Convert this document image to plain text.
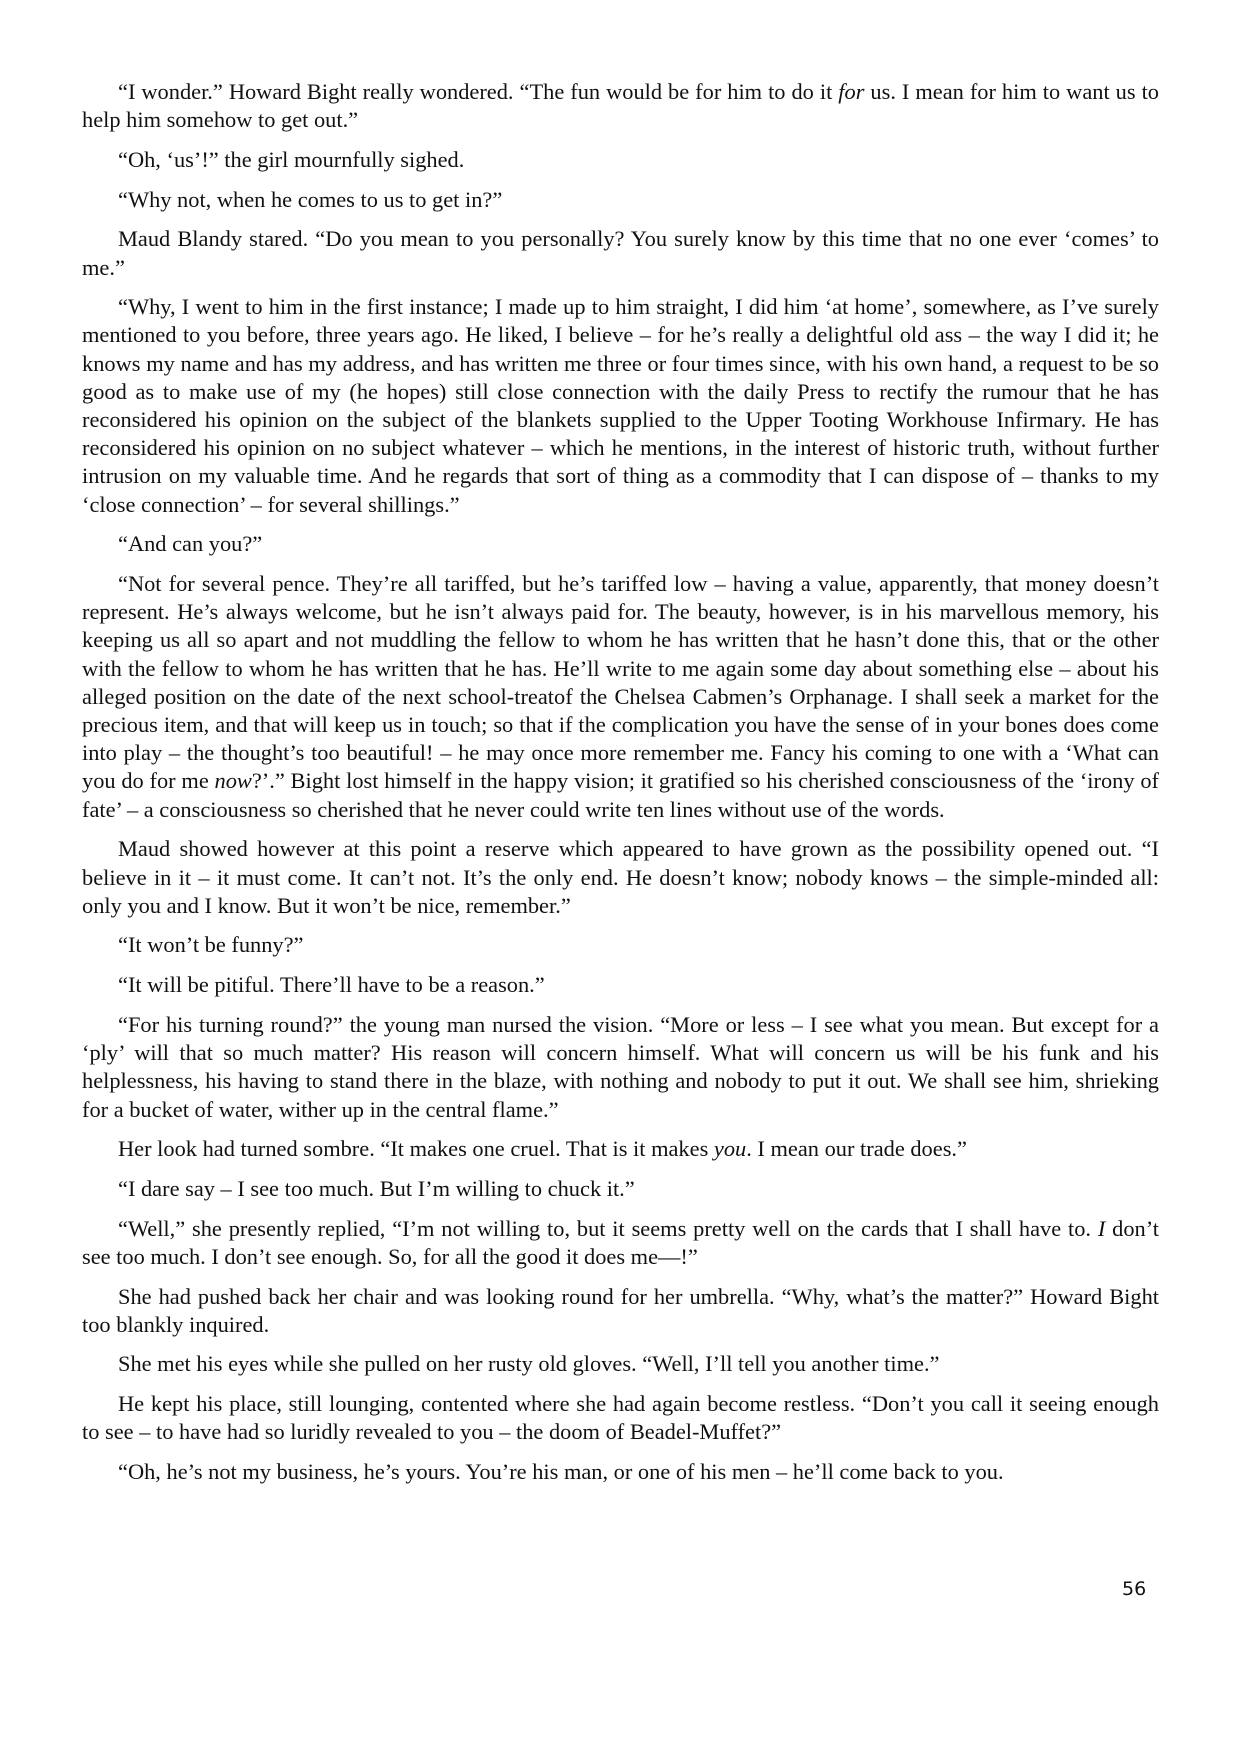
“I wonder.” Howard Bight really wondered. “The fun would be for him to do it for us. I mean for him to want us to help him somehow to get out.”

“Oh, ‘us’!” the girl mournfully sighed.

“Why not, when he comes to us to get in?”

Maud Blandy stared. “Do you mean to you personally? You surely know by this time that no one ever ‘comes’ to me.”

“Why, I went to him in the first instance; I made up to him straight, I did him ‘at home’, somewhere, as I’ve surely mentioned to you before, three years ago. He liked, I believe – for he’s really a delightful old ass – the way I did it; he knows my name and has my address, and has written me three or four times since, with his own hand, a request to be so good as to make use of my (he hopes) still close connection with the daily Press to rectify the rumour that he has reconsidered his opinion on the subject of the blankets supplied to the Upper Tooting Workhouse Infirmary. He has reconsidered his opinion on no subject whatever – which he mentions, in the interest of historic truth, without further intrusion on my valuable time. And he regards that sort of thing as a commodity that I can dispose of – thanks to my ‘close connection’ – for several shillings.”

“And can you?”

“Not for several pence. They’re all tariffed, but he’s tariffed low – having a value, apparently, that money doesn’t represent. He’s always welcome, but he isn’t always paid for. The beauty, however, is in his marvellous memory, his keeping us all so apart and not muddling the fellow to whom he has written that he hasn’t done this, that or the other with the fellow to whom he has written that he has. He’ll write to me again some day about something else – about his alleged position on the date of the next school-treatof the Chelsea Cabmen’s Orphanage. I shall seek a market for the precious item, and that will keep us in touch; so that if the complication you have the sense of in your bones does come into play – the thought’s too beautiful! – he may once more remember me. Fancy his coming to one with a ‘What can you do for me now?’.” Bight lost himself in the happy vision; it gratified so his cherished consciousness of the ‘irony of fate’ – a consciousness so cherished that he never could write ten lines without use of the words.

Maud showed however at this point a reserve which appeared to have grown as the possibility opened out. “I believe in it – it must come. It can’t not. It’s the only end. He doesn’t know; nobody knows – the simple-minded all: only you and I know. But it won’t be nice, remember.”

“It won’t be funny?”

“It will be pitiful. There’ll have to be a reason.”

“For his turning round?” the young man nursed the vision. “More or less – I see what you mean. But except for a ‘ply’ will that so much matter? His reason will concern himself. What will concern us will be his funk and his helplessness, his having to stand there in the blaze, with nothing and nobody to put it out. We shall see him, shrieking for a bucket of water, wither up in the central flame.”

Her look had turned sombre. “It makes one cruel. That is it makes you. I mean our trade does.”

“I dare say – I see too much. But I’m willing to chuck it.”

“Well,” she presently replied, “I’m not willing to, but it seems pretty well on the cards that I shall have to. I don’t see too much. I don’t see enough. So, for all the good it does me—!”

She had pushed back her chair and was looking round for her umbrella. “Why, what’s the matter?” Howard Bight too blankly inquired.

She met his eyes while she pulled on her rusty old gloves. “Well, I’ll tell you another time.”

He kept his place, still lounging, contented where she had again become restless. “Don’t you call it seeing enough to see – to have had so luridly revealed to you – the doom of Beadel-Muffet?”

“Oh, he’s not my business, he’s yours. You’re his man, or one of his men – he’ll come back to you.

56
